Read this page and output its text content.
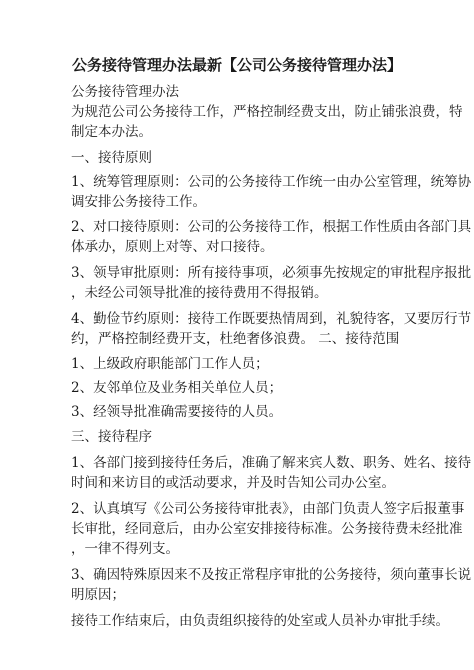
公务接待管理办法最新【公司公务接待管理办法】
公务接待管理办法
为规范公司公务接待工作，严格控制经费支出，防止铺张浪费，特
制定本办法。
一、接待原则
1、统筹管理原则：公司的公务接待工作统一由办公室管理，统筹协
调安排公务接待工作。
2、对口接待原则：公司的公务接待工作，根据工作性质由各部门具
体承办，原则上对等、对口接待。
3、领导审批原则：所有接待事项，必须事先按规定的审批程序报批
，未经公司领导批准的接待费用不得报销。
4、勤俭节约原则：接待工作既要热情周到，礼貌待客，又要厉行节
约，严格控制经费开支，杜绝奢侈浪费。 二、接待范围
1、上级政府职能部门工作人员；
2、友邻单位及业务相关单位人员；
3、经领导批准确需要接待的人员。
三、接待程序
1、各部门接到接待任务后，准确了解来宾人数、职务、姓名、接待
时间和来访目的或活动要求，并及时告知公司办公室。
2、认真填写《公司公务接待审批表》，由部门负责人签字后报董事
长审批，经同意后，由办公室安排接待标准。公务接待费未经批准
，一律不得列支。
3、确因特殊原因来不及按正常程序审批的公务接待，须向董事长说
明原因；
接待工作结束后，由负责组织接待的处室或人员补办审批手续。
